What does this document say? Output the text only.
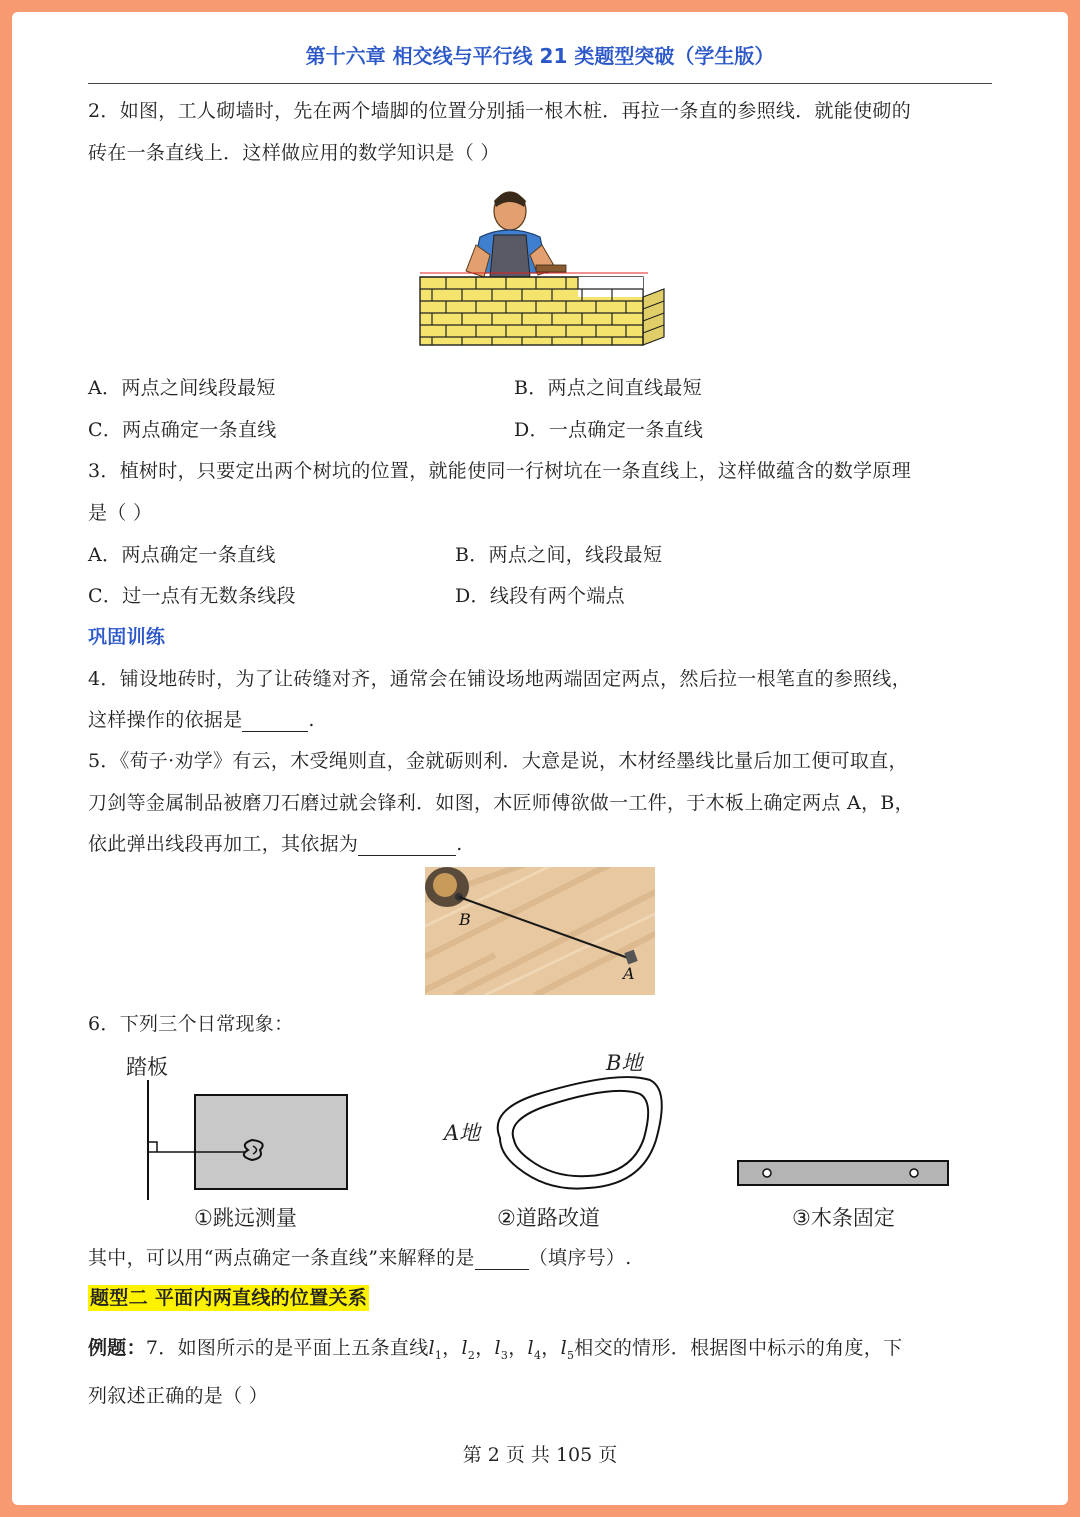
第十六章 相交线与平行线 21 类题型突破（学生版）
2．如图，工人砌墙时，先在两个墙脚的位置分别插一根木桩．再拉一条直的参照线．就能使砌的
砖在一条直线上．这样做应用的数学知识是（ ）
A．两点之间线段最短	B．两点之间直线最短
C．两点确定一条直线	D．一点确定一条直线
3．植树时，只要定出两个树坑的位置，就能使同一行树坑在一条直线上，这样做蕴含的数学原理
是（ ）
A．两点确定一条直线	B．两点之间，线段最短
C．过一点有无数条线段	D．线段有两个端点
巩固训练
4．铺设地砖时，为了让砖缝对齐，通常会在铺设场地两端固定两点，然后拉一根笔直的参照线，
这样操作的依据是	.
5．《荀子·劝学》有云，木受绳则直，金就砺则利．大意是说，木材经墨线比量后加工便可取直，
刀剑等金属制品被磨刀石磨过就会锋利．如图，木匠师傅欲做一工件，于木板上确定两点 A，B，
依此弹出线段再加工，其依据为	.
B
A
6．下列三个日常现象：
踏板
①跳远测量
B地
A地
②道路改道	③木条固定
其中，可以用“两点确定一条直线”来解释的是	（填序号）.
题型二 平面内两直线的位置关系
例题：7．如图所示的是平面上五条直线$l_1$，$l_2$，$l_3$，$l_4$，$l_5$相交的情形．根据图中标示的角度，下
列叙述正确的是（ ）
第 2 页 共 105 页
